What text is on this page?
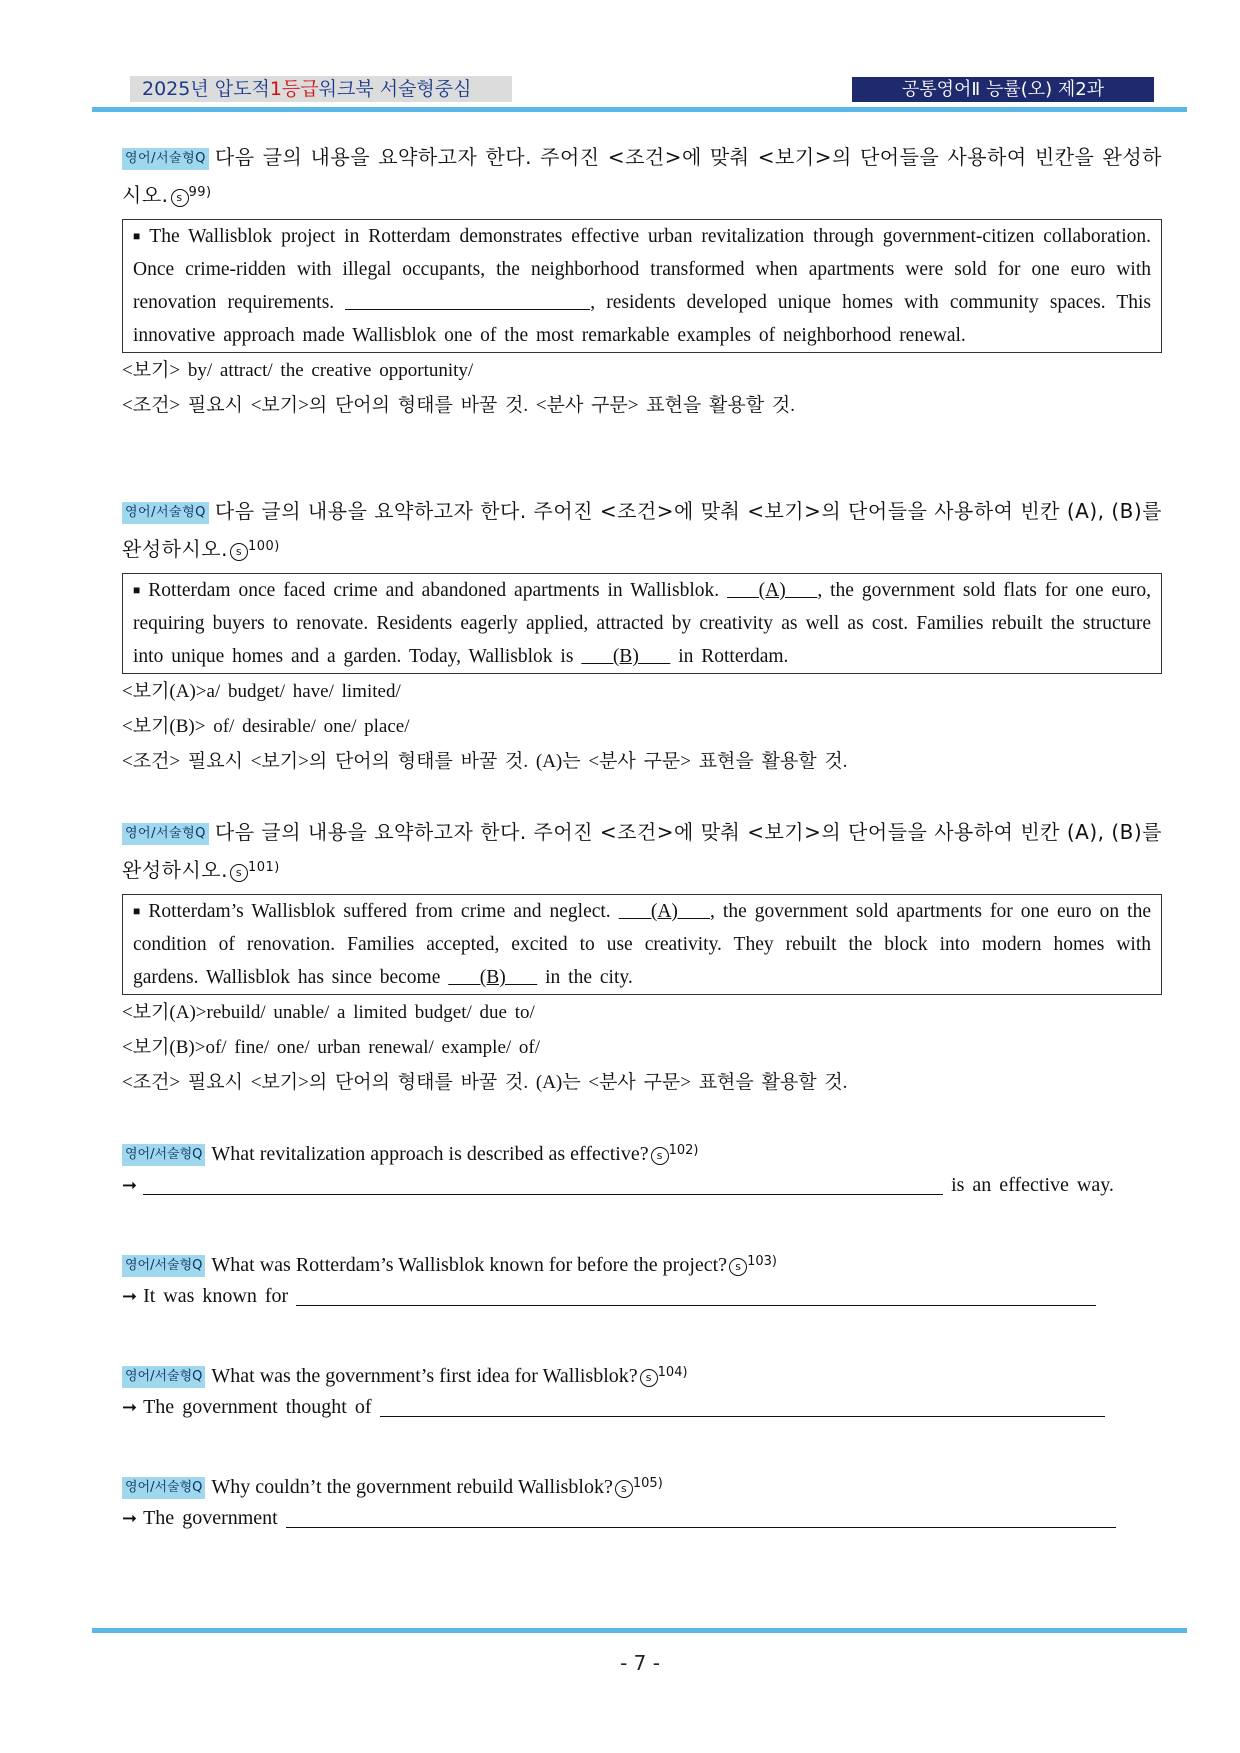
2025년 압도적1등급워크북 서술형중심	공통영어Ⅱ 능률(오) 제2과
영어/서술형Q 다음 글의 내용을 요약하고자 한다. 주어진 <조건>에 맞춰 <보기>의 단어들을 사용하여 빈칸을 완성하시오. s $^{99)}$
■ The Wallisblok project in Rotterdam demonstrates effective urban revitalization through government-citizen collaboration. Once crime-ridden with illegal occupants, the neighborhood transformed when apartments were sold for one euro with renovation requirements.	, residents developed unique homes with community spaces. This innovative approach made Wallisblok one of the most remarkable examples of neighborhood renewal.
<보기> by/ attract/ the creative opportunity/
<조건> 필요시 <보기>의 단어의 형태를 바꿀 것. <분사 구문> 표현을 활용할 것.
영어/서술형Q 다음 글의 내용을 요약하고자 한다. 주어진 <조건>에 맞춰 <보기>의 단어들을 사용하여 빈칸 (A), (B)를 완성하시오. s $^{100)}$
■ Rotterdam once faced crime and abandoned apartments in Wallisblok.     (A)    , the government sold flats for one euro, requiring buyers to renovate. Residents eagerly applied, attracted by creativity as well as cost. Families rebuilt the structure into unique homes and a garden. Today, Wallisblok is     (B)     in Rotterdam.
<보기(A)>a/ budget/ have/ limited/
<보기(B)> of/ desirable/ one/ place/
<조건> 필요시 <보기>의 단어의 형태를 바꿀 것. (A)는 <분사 구문> 표현을 활용할 것.
영어/서술형Q 다음 글의 내용을 요약하고자 한다. 주어진 <조건>에 맞춰 <보기>의 단어들을 사용하여 빈칸 (A), (B)를 완성하시오. s $^{101)}$
■ Rotterdam’s Wallisblok suffered from crime and neglect.     (A)    , the government sold apartments for one euro on the condition of renovation. Families accepted, excited to use creativity. They rebuilt the block into modern homes with gardens. Wallisblok has since become     (B)     in the city.
<보기(A)>rebuild/ unable/ a limited budget/ due to/
<보기(B)>of/ fine/ one/ urban renewal/ example/ of/
<조건> 필요시 <보기>의 단어의 형태를 바꿀 것. (A)는 <분사 구문> 표현을 활용할 것.
영어/서술형Q What revitalization approach is described as effective? s $^{102)}$
➞	is an effective way.
영어/서술형Q What was Rotterdam’s Wallisblok known for before the project? s $^{103)}$
➞ It was known for
영어/서술형Q What was the government’s first idea for Wallisblok? s $^{104)}$
➞ The government thought of
영어/서술형Q Why couldn’t the government rebuild Wallisblok? s $^{105)}$
➞ The government
- 7 -
